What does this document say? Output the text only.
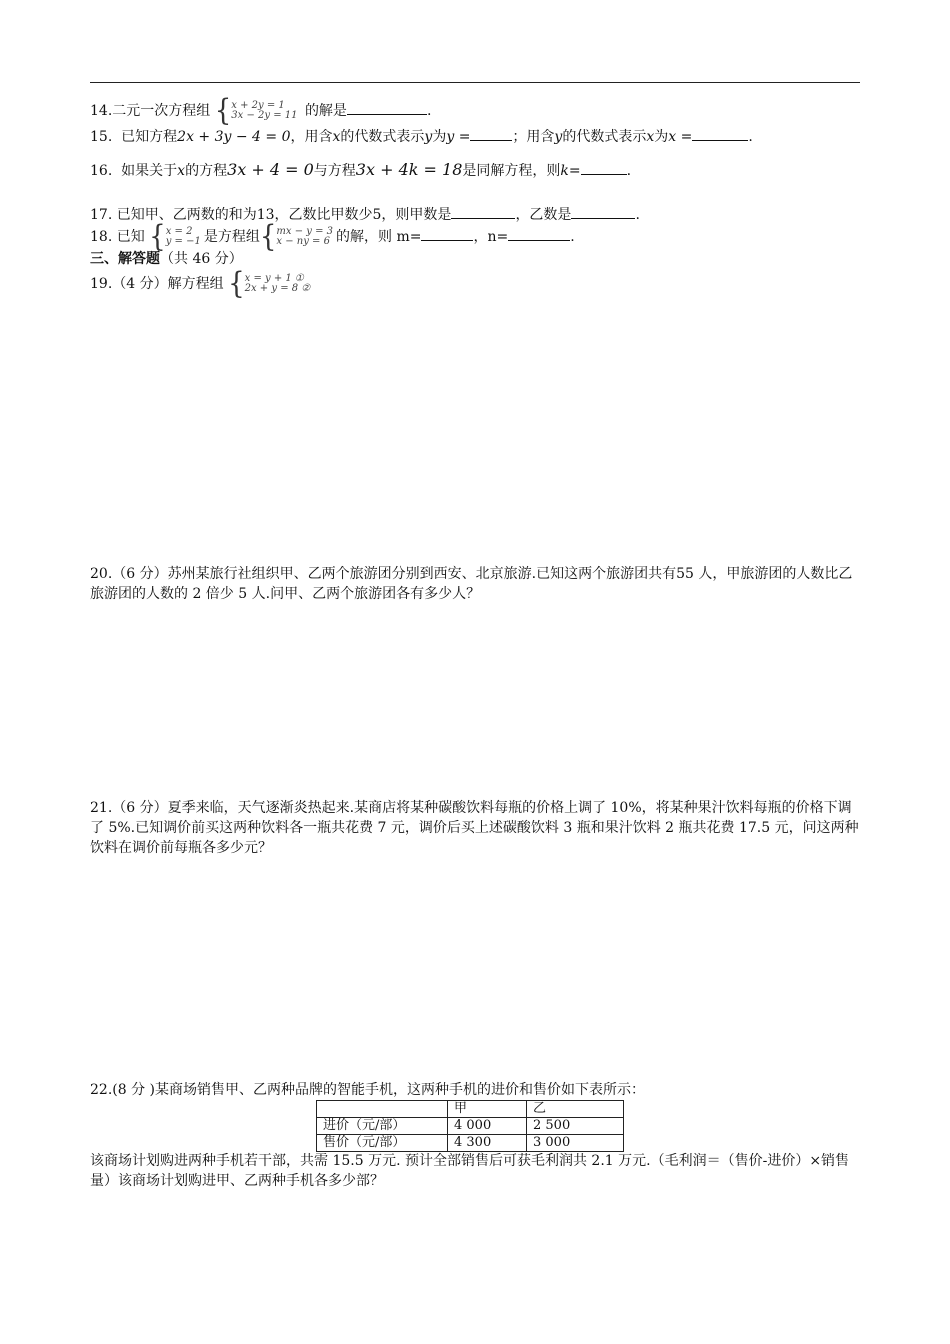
14.二元一次方程组 { x + 2y = 1
3x − 2y = 11 的解是	.
15. 已知方程2x + 3y − 4 = 0，用含x的代数式表示y为y =	；用含y的代数式表示x为x =	.
16. 如果关于x的方程3x + 4 = 0与方程3x + 4k = 18是同解方程，则k=	.
17. 已知甲、乙两数的和为13，乙数比甲数少5，则甲数是	，乙数是	.
18. 已知 { x = 2
y = −1 是方程组{ mx − y = 3
x − ny = 6 的解，则 m=	，n=	.
三、解答题（共 46 分）
19.（4 分）解方程组 { x = y + 1 ①
2x + y = 8 ②
20.（6 分）苏州某旅行社组织甲、乙两个旅游团分别到西安、北京旅游.已知这两个旅游团共有55 人，甲旅游团的人数比乙旅游团的人数的 2 倍少 5 人.问甲、乙两个旅游团各有多少人？
21.（6 分）夏季来临，天气逐渐炎热起来.某商店将某种碳酸饮料每瓶的价格上调了 10%，将某种果汁饮料每瓶的价格下调了 5%.已知调价前买这两种饮料各一瓶共花费 7 元，调价后买上述碳酸饮料 3 瓶和果汁饮料 2 瓶共花费 17.5 元，问这两种饮料在调价前每瓶各多少元？
22.(8 分 )某商场销售甲、乙两种品牌的智能手机，这两种手机的进价和售价如下表所示：
	甲	乙
进价（元/部）	4 000	2 500
售价（元/部）	4 300	3 000
该商场计划购进两种手机若干部，共需 15.5 万元. 预计全部销售后可获毛利润共 2.1 万元.（毛利润＝（售价-进价）×销售量）该商场计划购进甲、乙两种手机各多少部？
